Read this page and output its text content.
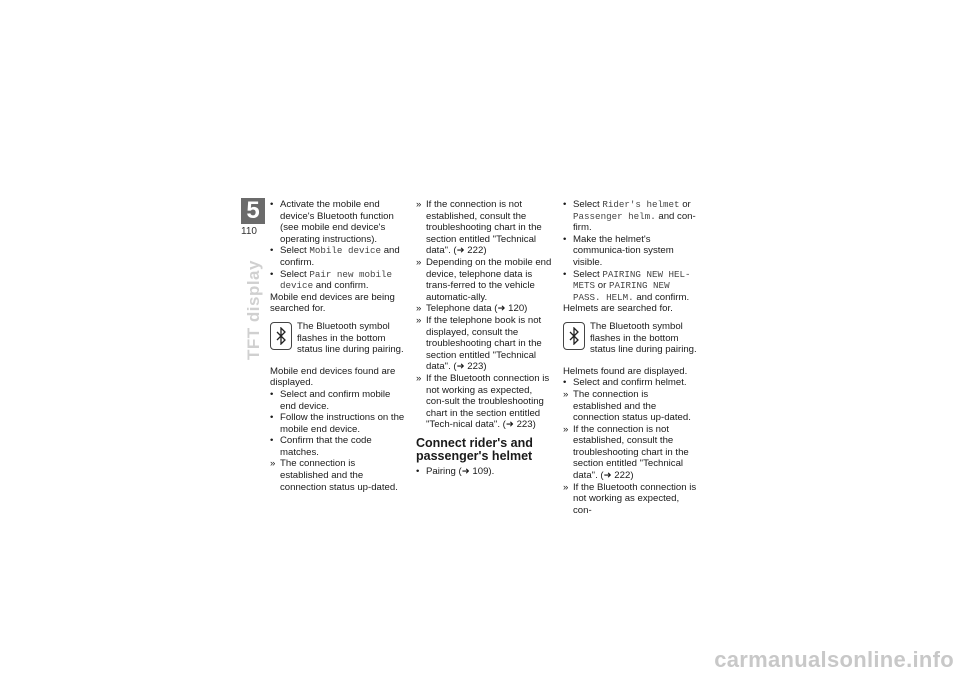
5
110
TFT display
• Activate the mobile end device's Bluetooth function (see mobile end device's operating instructions).
• Select Mobile device and confirm.
• Select Pair new mobile device and confirm.

Mobile end devices are being searched for.

The Bluetooth symbol flashes in the bottom status line during pairing.

Mobile end devices found are displayed.

• Select and confirm mobile end device.
• Follow the instructions on the mobile end device.
• Confirm that the code matches.
» The connection is established and the connection status up-dated.
» If the connection is not established, consult the troubleshooting chart in the section entitled "Technical data". (➜ 222)
» Depending on the mobile end device, telephone data is trans-ferred to the vehicle automatic-ally.
» Telephone data (➜ 120)
» If the telephone book is not displayed, consult the troubleshooting chart in the section entitled "Technical data". (➜ 223)
» If the Bluetooth connection is not working as expected, con-sult the troubleshooting chart in the section entitled "Tech-nical data". (➜ 223)
Connect rider's and passenger's helmet
• Pairing (➜ 109).
• Select Rider's helmet or Passenger helm. and con-firm.
• Make the helmet's communica-tion system visible.
• Select PAIRING NEW HEL-METS or PAIRING NEW PASS. HELM. and confirm.

Helmets are searched for.

The Bluetooth symbol flashes in the bottom status line during pairing.

Helmets found are displayed.

• Select and confirm helmet.
» The connection is established and the connection status up-dated.
» If the connection is not established, consult the troubleshooting chart in the section entitled "Technical data". (➜ 222)
» If the Bluetooth connection is not working as expected, con-
carmanualsonline.info
